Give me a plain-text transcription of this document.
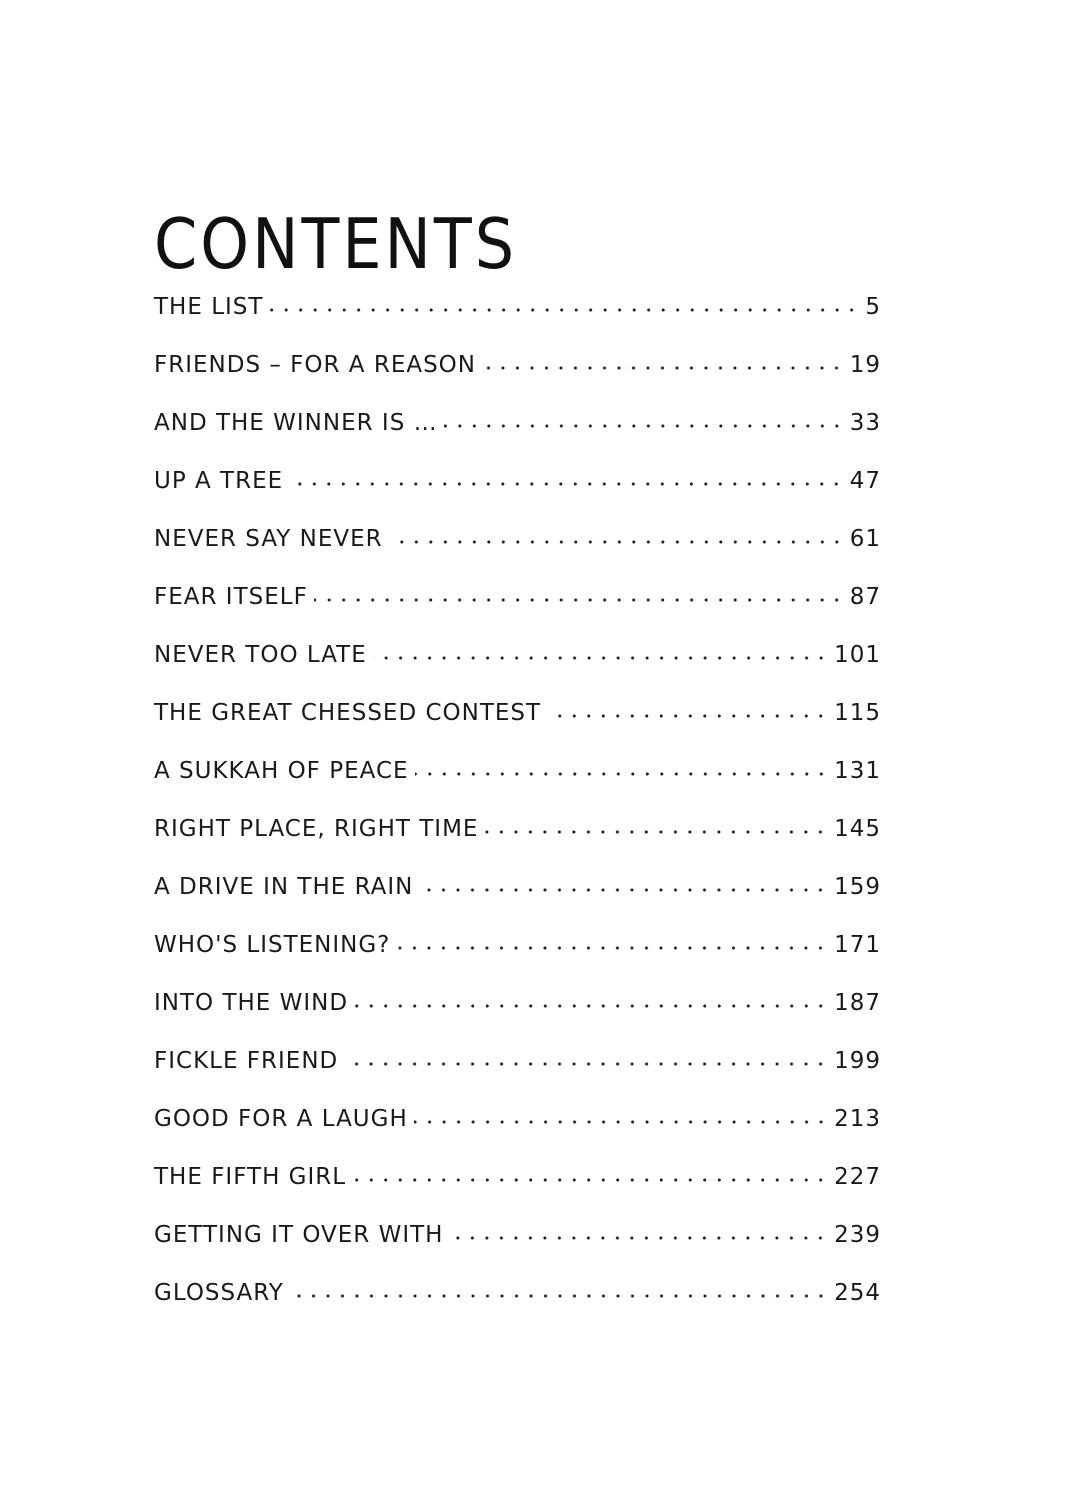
CONTENTS
THE LIST	5
FRIENDS – FOR A REASON	19
AND THE WINNER IS …	33
UP A TREE	47
NEVER SAY NEVER	61
FEAR ITSELF	87
NEVER TOO LATE	101
THE GREAT CHESSED CONTEST	115
A SUKKAH OF PEACE	131
RIGHT PLACE, RIGHT TIME	145
A DRIVE IN THE RAIN	159
WHO'S LISTENING?	171
INTO THE WIND	187
FICKLE FRIEND	199
GOOD FOR A LAUGH	213
THE FIFTH GIRL	227
GETTING IT OVER WITH	239
GLOSSARY	254
